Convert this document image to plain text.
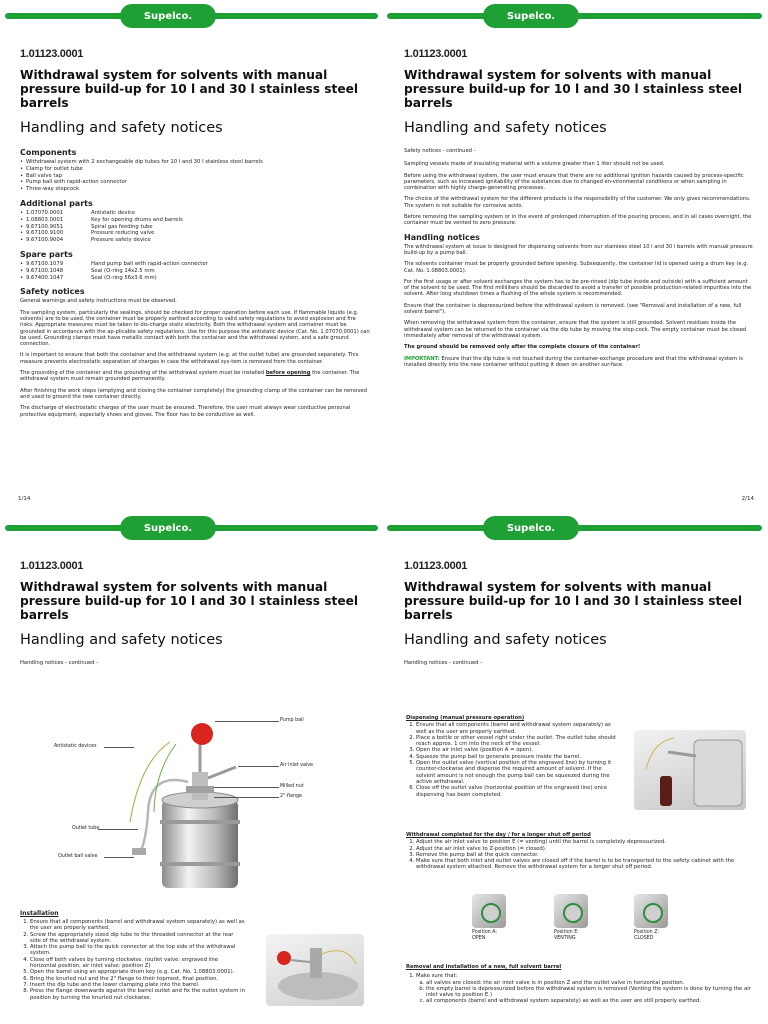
Supelco.
1.01123.0001
Withdrawal system for solvents with manual pressure build-up for 10 l and 30 l stainless steel barrels
Handling and safety notices
Components
• Withdrawal system with 2 exchangeable dip tubes for 10 l and 30 l stainless steel barrels
• Clamp for outlet tube
• Ball valve tap
• Pump ball with rapid-action connector
• Three-way stopcock
Additional parts
• 1.07070.0001	Antistatic device
• 1.08803.0001	Key for opening drums and barrels
• 9.67100.9051	Spiral gas feeding tube
• 9.67100.9100	Pressure reducing valve
• 9.67100.9004	Pressure safety device
Spare parts
• 9.67100.1079	Hand pump ball with rapid-action connector
• 9.67100.1048	Seal (O-ring 14x2.5 mm
• 9.67400.1047	Seal (O-ring 56x3.6 mm)
Safety notices

General warnings and safety instructions must be observed.

The sampling system, particularly the sealings, should be checked for proper operation before each use. If flammable liquids (e.g. solvents) are to be used, the container must be properly earthed according to valid safety regulations to avoid explosion and fire risks. Appropriate measures must be taken to dis-charge static electricity. Both the withdrawal system and container must be grounded in accordance with the ap-plicable safety regulations. Use for this purpose the antistatic device (Cat. No. 1.07070.0001) can be used. Grounding clamps must have metallic contact with both the container and the withdrawal system, and a safe ground connection.

It is important to ensure that both the container and the withdrawal system (e.g. at the outlet tube) are grounded separately. This measure prevents electrostatic separation of charges in case the withdrawal sys-tem is removed from the container.

The grounding of the container and the grounding of the withdrawal system must be installed before opening the container. The withdrawal system must remain grounded permanently.

After finishing the work steps (emptying and closing the container completely) the grounding clamp of the container can be removed and used to ground the new container directly.

The discharge of electrostatic charges of the user must be ensured. Therefore, the user must always wear conductive personal protective equipment, especially shoes and gloves. The floor has to be conductive as well.

1/14
Supelco.
1.01123.0001
Withdrawal system for solvents with manual pressure build-up for 10 l and 30 l stainless steel barrels
Handling and safety notices

Safety notices - continued -

Sampling vessels made of insulating material with a volume greater than 1 liter should not be used.

Before using the withdrawal system, the user must ensure that there are no additional ignition hazards caused by process-specific parameters, such as increased ignitability of the substances due to changed en-vironmental conditions or when sampling in combination with highly charge-generating processes.

The choice of the withdrawal system for the different products is the responsibility of the customer. We only gives recommendations. The system is not suitable for corrosive acids.

Before removing the sampling system or in the event of prolonged interruption of the pouring process, and in all cases overnight, the container must be vented to zero pressure.

Handling notices

The withdrawal system at issue is designed for dispensing solvents from our stainless steel 10 l and 30 l barrels with manual pressure build-up by a pump ball.

The solvents container must be properly grounded before opening. Subsequently, the container lid is opened using a drum key (e.g. Cat. No. 1.08803.0001).

For the first usage or after solvent exchanges the system has to be pre-rinsed (dip tube inside and outside) with a sufficient amount of the solvent to be used. The first milliliters should be discarded to avoid a transfer of possible production-related impurities into the solvent. After long shutdown times a flushing of the whole system is recommended.

Ensure that the container is depressurized before the withdrawal system is removed. (see "Removal and installation of a new, full solvent barrel").

When removing the withdrawal system from the container, ensure that the system is still grounded. Solvent residues inside the withdrawal system can be returned to the container via the dip tube by moving the stop-cock. The empty container must be closed immediately after removal of the withdrawal system.

The ground should be removed only after the complete closure of the container!

IMPORTANT: Ensure that the dip tube is not touched during the container-exchange procedure and that the withdrawal system is installed directly into the new container without putting it down on another sur-face.

2/14
Supelco.
1.01123.0001
Withdrawal system for solvents with manual pressure build-up for 10 l and 30 l stainless steel barrels
Handling and safety notices

Handling notices - continued -

Pump ball
Antistatic devices
Air inlet valve
Milled nut
2"-flange
Outlet tube
Outlet ball valve
Installation
1. Ensure that all components (barrel and withdrawal system separately) as well as the user are properly earthed.
2. Screw the appropriately sized dip tube to the threaded connector at the rear side of the withdrawal system.
3. Attach the pump ball to the quick connector at the top side of the withdrawal system.
4. Close off both valves by turning clockwise. (outlet valve: engraved line horizontal position, air inlet valve: position Z)
5. Open the barrel using an appropriate drum key (e.g. Cat. No. 1.08803.0001).
6. Bring the knurled nut and the 2" flange to their topmost, final position.
7. Insert the dip tube and the lower clamping plate into the barrel.
8. Press the flange downwards against the barrel outlet and fix the outlet system in position by turning the knurled nut clockwise.
Supelco.
1.01123.0001
Withdrawal system for solvents with manual pressure build-up for 10 l and 30 l stainless steel barrels
Handling and safety notices

Handling notices - continued -

Dispensing (manual pressure operation)
1. Ensure that all components (barrel and withdrawal system separately) as well as the user are properly earthed.
2. Place a bottle or other vessel right under the outlet. The outlet tube should reach approx. 1 cm into the neck of the vessel.
3. Open the air inlet valve (position A = open).
4. Squeeze the pump ball to generate pressure inside the barrel.
5. Open the outlet valve (vertical position of the engraved line) by turning it counter-clockwise and dispense the required amount of solvent. If the solvent amount is not enough the pump ball can be squeezed during the active withdrawal.
6. Close off the outlet valve (horizontal position of the engraved line) once dispensing has been completed.
Withdrawal completed for the day / for a longer shut off period
1. Adjust the air inlet valve to position E (= venting) until the barrel is completely depressurized.
2. Adjust the air inlet valve to Z-position (= closed).
3. Remove the pump ball at the quick connector.
4. Make sure that both inlet and outlet valves are closed off if the barrel is to be transported to the safety cabinet with the withdrawal system attached. Remove the withdrawal system for a longer shut off period.
Position A:
OPEN
Position E:
VENTING
Position Z:
CLOSED
Removal and installation of a new, full solvent barrel
1. Make sure that:
a. all valves are closed: the air inlet valve is in position Z and the outlet valve in horizontal position.
b. the empty barrel is depressurized before the withdrawal system is removed (Venting the system is done by turning the air inlet valve to position E.)
c. all components (barrel and withdrawal system separately) as well as the user are still properly earthed.
